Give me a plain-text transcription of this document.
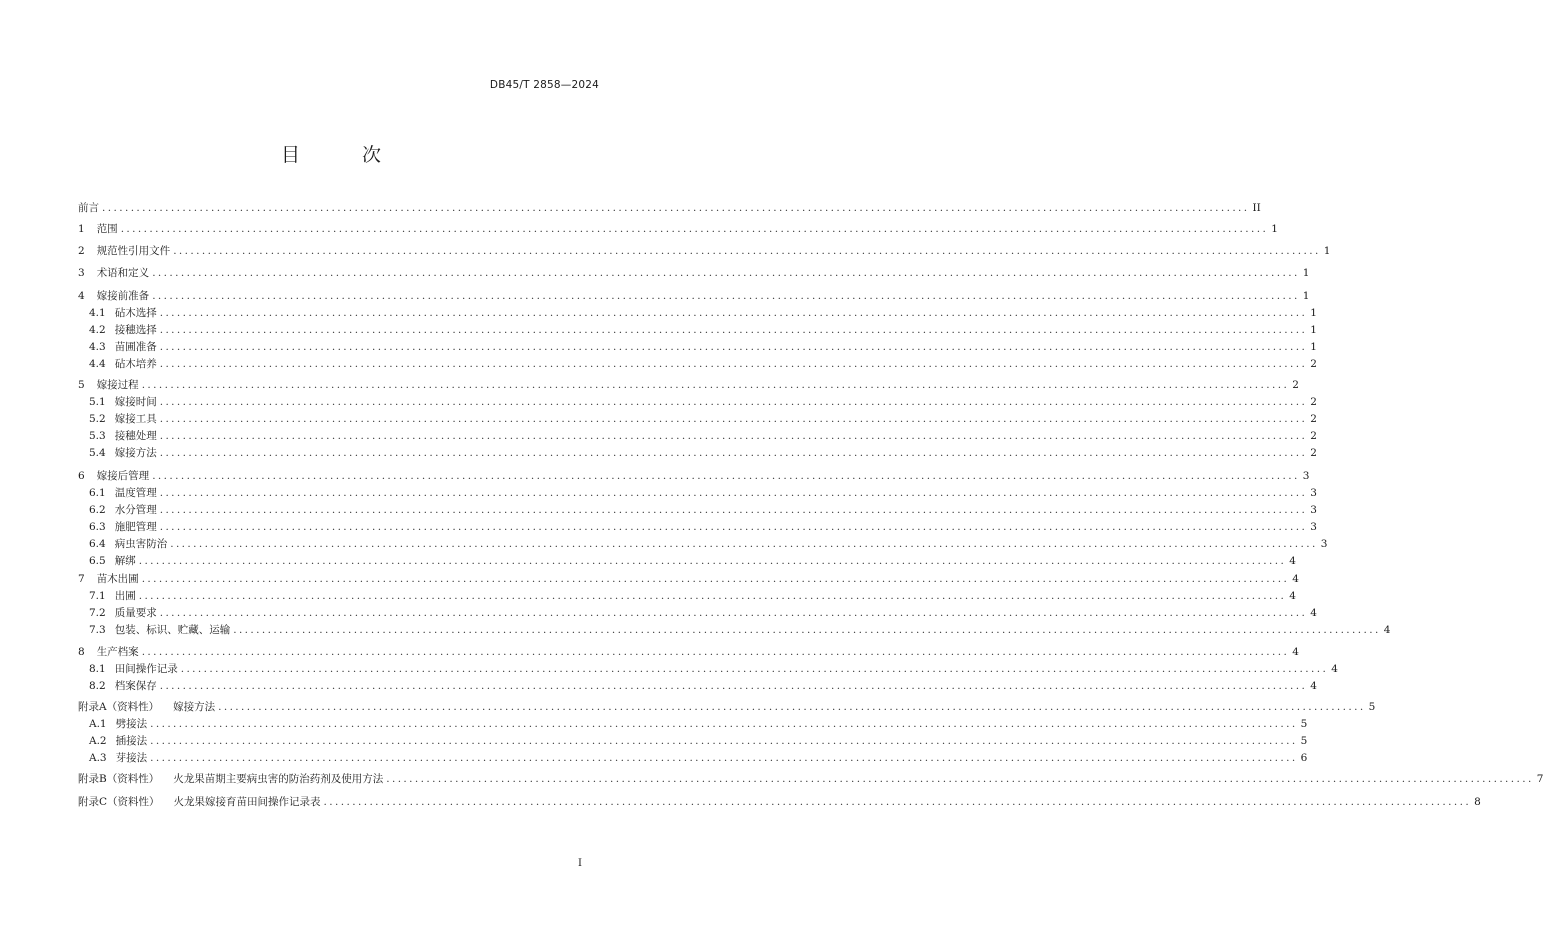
DB45/T 2858—2024
目 次
前言 ........................................................................................................................................................................................................ II
1 范围 ........................................................................................................................................................................................................ 1
2 规范性引用文件 ........................................................................................................................................................................................................ 1
3 术语和定义 ........................................................................................................................................................................................................ 1
4 嫁接前准备 ........................................................................................................................................................................................................ 1
4.1 砧木选择 ........................................................................................................................................................................................................ 1
4.2 接穗选择 ........................................................................................................................................................................................................ 1
4.3 苗圃准备 ........................................................................................................................................................................................................ 1
4.4 砧木培养 ........................................................................................................................................................................................................ 2
5 嫁接过程 ........................................................................................................................................................................................................ 2
5.1 嫁接时间 ........................................................................................................................................................................................................ 2
5.2 嫁接工具 ........................................................................................................................................................................................................ 2
5.3 接穗处理 ........................................................................................................................................................................................................ 2
5.4 嫁接方法 ........................................................................................................................................................................................................ 2
6 嫁接后管理 ........................................................................................................................................................................................................ 3
6.1 温度管理 ........................................................................................................................................................................................................ 3
6.2 水分管理 ........................................................................................................................................................................................................ 3
6.3 施肥管理 ........................................................................................................................................................................................................ 3
6.4 病虫害防治 ........................................................................................................................................................................................................ 3
6.5 解绑 ........................................................................................................................................................................................................ 4
7 苗木出圃 ........................................................................................................................................................................................................ 4
7.1 出圃 ........................................................................................................................................................................................................ 4
7.2 质量要求 ........................................................................................................................................................................................................ 4
7.3 包装、标识、贮藏、运输 ........................................................................................................................................................................................................ 4
8 生产档案 ........................................................................................................................................................................................................ 4
8.1 田间操作记录 ........................................................................................................................................................................................................ 4
8.2 档案保存 ........................................................................................................................................................................................................ 4
附录A（资料性） 嫁接方法 ........................................................................................................................................................................................................ 5
A.1 劈接法 ........................................................................................................................................................................................................ 5
A.2 插接法 ........................................................................................................................................................................................................ 5
A.3 芽接法 ........................................................................................................................................................................................................ 6
附录B（资料性） 火龙果苗期主要病虫害的防治药剂及使用方法 ........................................................................................................................................................................................................ 7
附录C（资料性） 火龙果嫁接育苗田间操作记录表 ........................................................................................................................................................................................................ 8
I
